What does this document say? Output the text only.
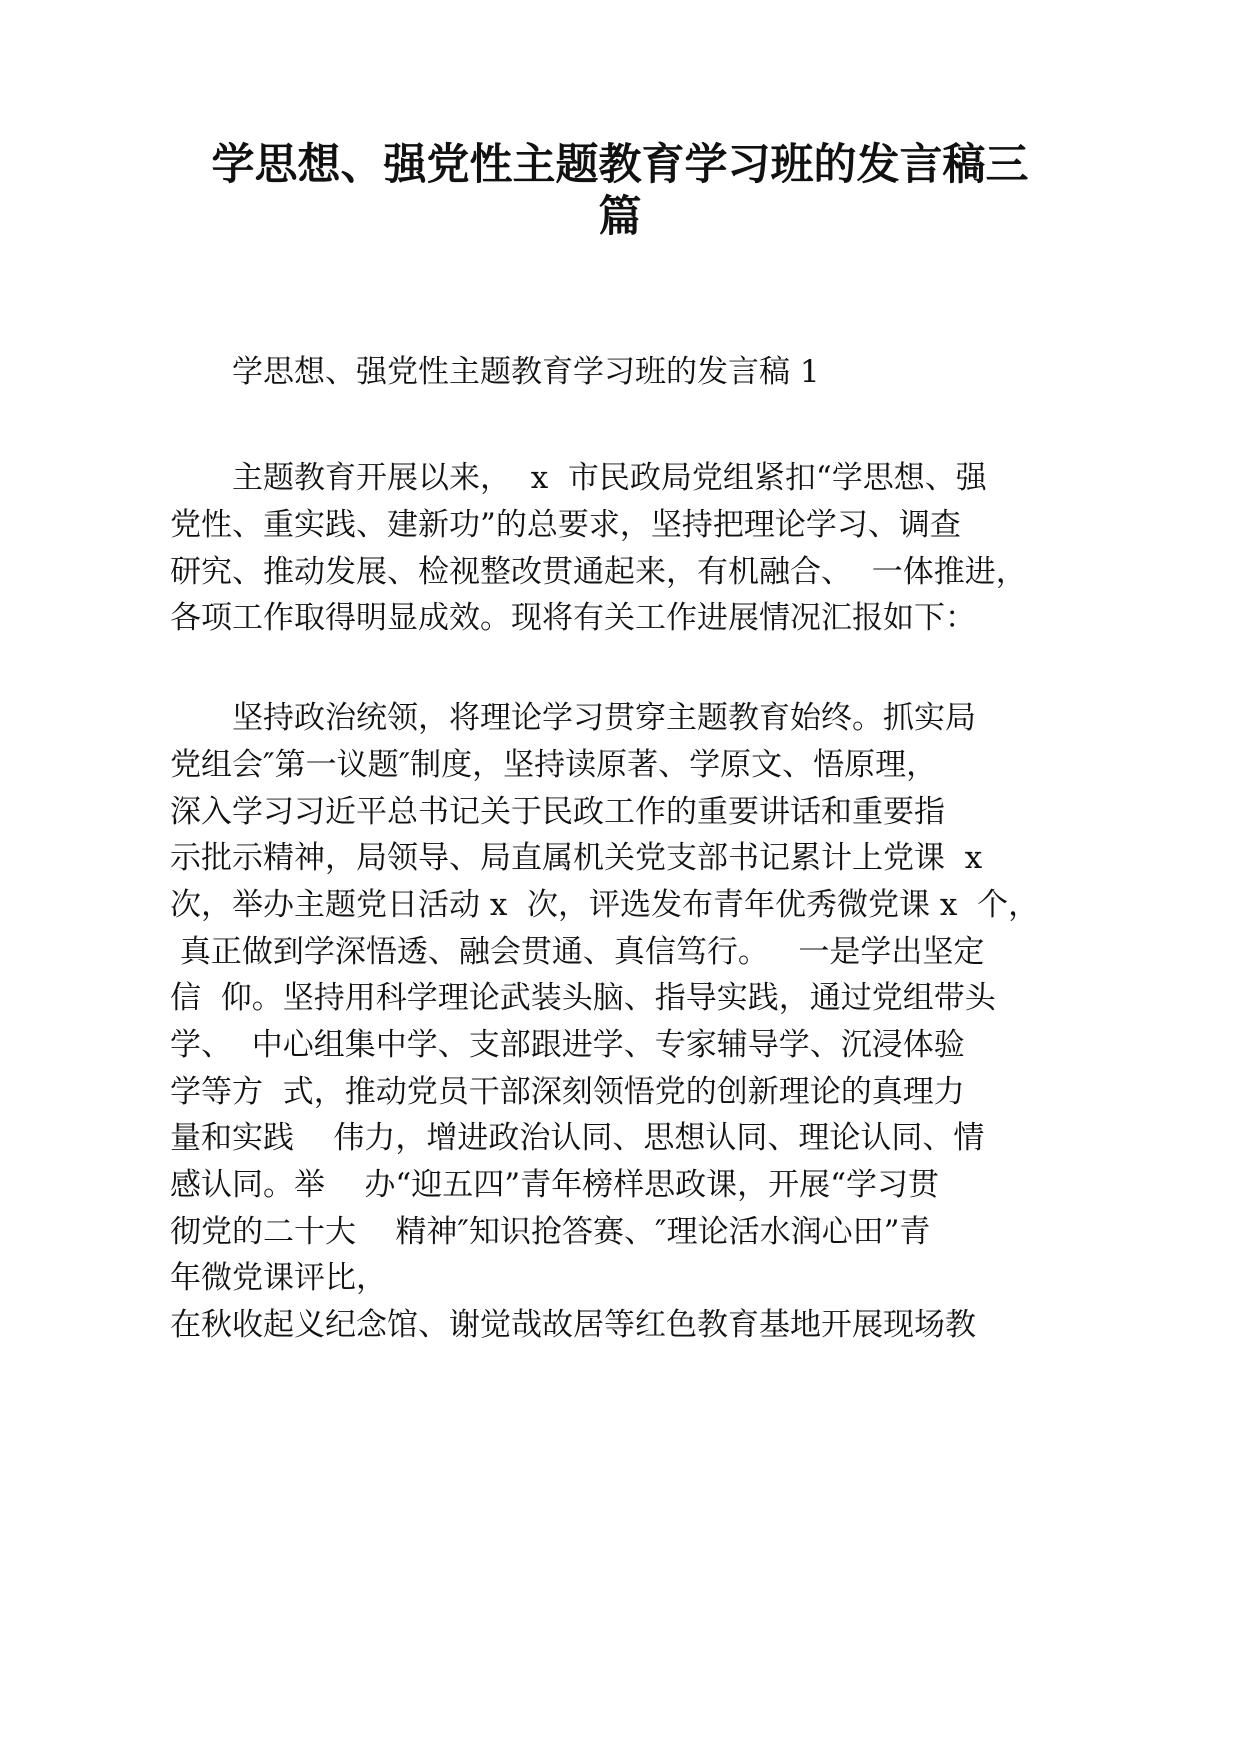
学思想、强党性主题教育学习班的发言稿三
篇

学思想、强党性主题教育学习班的发言稿 1

主题教育开展以来，  x  市民政局党组紧扣“学思想、强

党性、重实践、建新功”的总要求，坚持把理论学习、调查

研究、推动发展、检视整改贯通起来，有机融合、  一体推进，

各项工作取得明显成效。现将有关工作进展情况汇报如下：

坚持政治统领，将理论学习贯穿主题教育始终。抓实局

党组会″第一议题″制度，坚持读原著、学原文、悟原理，

深入学习习近平总书记关于民政工作的重要讲话和重要指

示批示精神，局领导、局直属机关党支部书记累计上党课  x

次，举办主题党日活动 x  次，评选发布青年优秀微党课 x  个，

真正做到学深悟透、融会贯通、真信笃行。   一是学出坚定

信  仰。坚持用科学理论武装头脑、指导实践，通过党组带头

学、  中心组集中学、支部跟进学、专家辅导学、沉浸体验

学等方  式，推动党员干部深刻领悟党的创新理论的真理力

量和实践    伟力，增进政治认同、思想认同、理论认同、情

感认同。举    办“迎五四”青年榜样思政课，开展“学习贯

彻党的二十大    精神″知识抢答赛、″理论活水润心田”青

年微党课评比，

在秋收起义纪念馆、谢觉哉故居等红色教育基地开展现场教
